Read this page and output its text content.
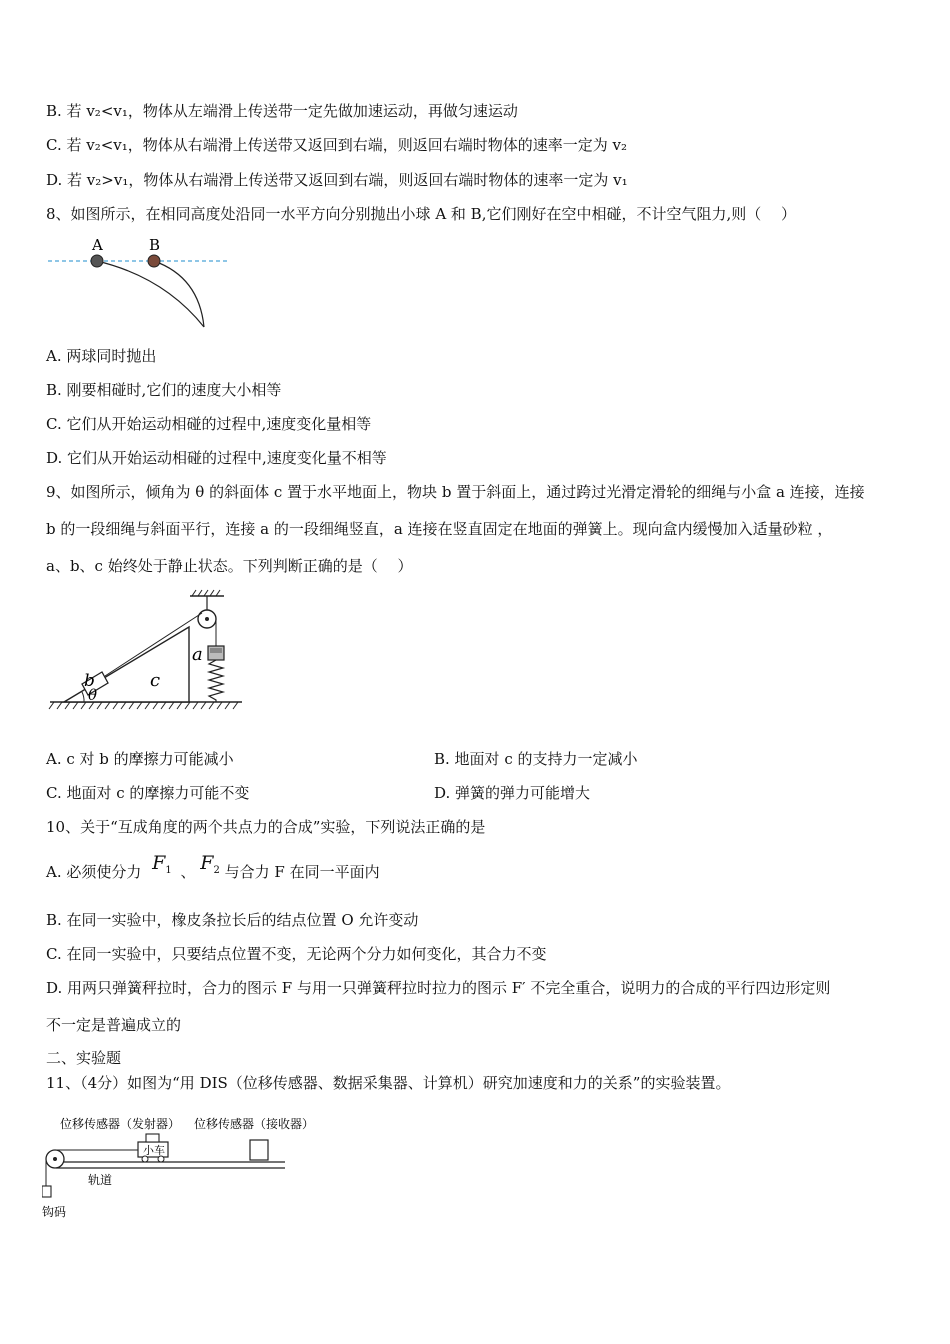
B. 若 v₂<v₁，物体从左端滑上传送带一定先做加速运动，再做匀速运动
C. 若 v₂<v₁，物体从右端滑上传送带又返回到右端，则返回右端时物体的速率一定为 v₂
D. 若 v₂>v₁，物体从右端滑上传送带又返回到右端，则返回右端时物体的速率一定为 v₁
8、如图所示，在相同高度处沿同一水平方向分别抛出小球 A 和 B,它们刚好在空中相碰，不计空气阻力,则（　 ）
A	B
A. 两球同时抛出
B. 刚要相碰时,它们的速度大小相等
C. 它们从开始运动相碰的过程中,速度变化量相等
D. 它们从开始运动相碰的过程中,速度变化量不相等
9、如图所示，倾角为 θ 的斜面体 c 置于水平地面上，物块 b 置于斜面上，通过跨过光滑定滑轮的细绳与小盒 a 连接，连接
b 的一段细绳与斜面平行，连接 a 的一段细绳竖直，a 连接在竖直固定在地面的弹簧上。现向盒内缓慢加入适量砂粒 ，
a、b、c 始终处于静止状态。下列判断正确的是（　 ）
a
b	c
θ
A. c 对 b 的摩擦力可能减小	B. 地面对 c 的支持力一定减小
C. 地面对 c 的摩擦力可能不变	D. 弹簧的弹力可能增大
10、关于“互成角度的两个共点力的合成”实验，下列说法正确的是
A. 必须使分力 $F^1$ 、 $F^2$ 与合力 F 在同一平面内
B. 在同一实验中，橡皮条拉长后的结点位置 O 允许变动
C. 在同一实验中，只要结点位置不变，无论两个分力如何变化，其合力不变
D. 用两只弹簧秤拉时，合力的图示 F 与用一只弹簧秤拉时拉力的图示 F′ 不完全重合，说明力的合成的平行四边形定则
不一定是普遍成立的
二、实验题
11、（4分）如图为“用 DIS（位移传感器、数据采集器、计算机）研究加速度和力的关系”的实验装置。
位移传感器（发射器） 位移传感器（接收器）
小车
轨道
钩码
